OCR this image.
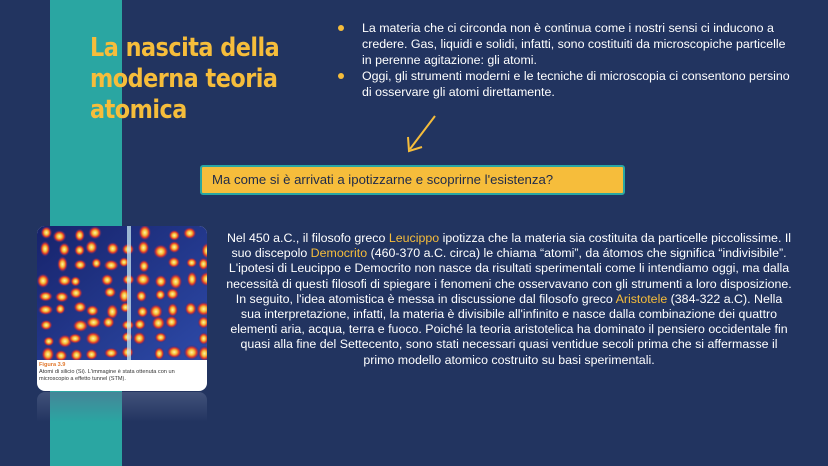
La nascita della
moderna teoria
atomica
La materia che ci circonda non è continua come i nostri sensi ci inducono a credere. Gas, liquidi e solidi, infatti, sono costituiti da microscopiche particelle in perenne agitazione: gli atomi.
Oggi, gli strumenti moderni e le tecniche di microscopia ci consentono persino di osservare gli atomi direttamente.
Ma come si è arrivati a ipotizzarne e scoprirne l'esistenza?
Figura 3.9
Atomi di silicio (Si). L'immagine è stata ottenuta con un microscopio a effetto tunnel (STM).

Nel 450 a.C., il filosofo greco Leucippo ipotizza che la materia sia costituita da particelle piccolissime. Il suo discepolo Democrito (460-370 a.C. circa) le chiama “atomi”, da átomos che significa “indivisibile”.

L'ipotesi di Leucippo e Democrito non nasce da risultati sperimentali come li intendiamo oggi, ma dalla necessità di questi filosofi di spiegare i fenomeni che osservavano con gli strumenti a loro disposizione.

In seguito, l'idea atomistica è messa in discussione dal filosofo greco Aristotele (384-322 a.C). Nella sua interpretazione, infatti, la materia è divisibile all'infinito e nasce dalla combinazione dei quattro elementi aria, acqua, terra e fuoco. Poiché la teoria aristotelica ha dominato il pensiero occidentale fin quasi alla fine del Settecento, sono stati necessari quasi ventidue secoli prima che si affermasse il primo modello atomico costruito su basi sperimentali.
